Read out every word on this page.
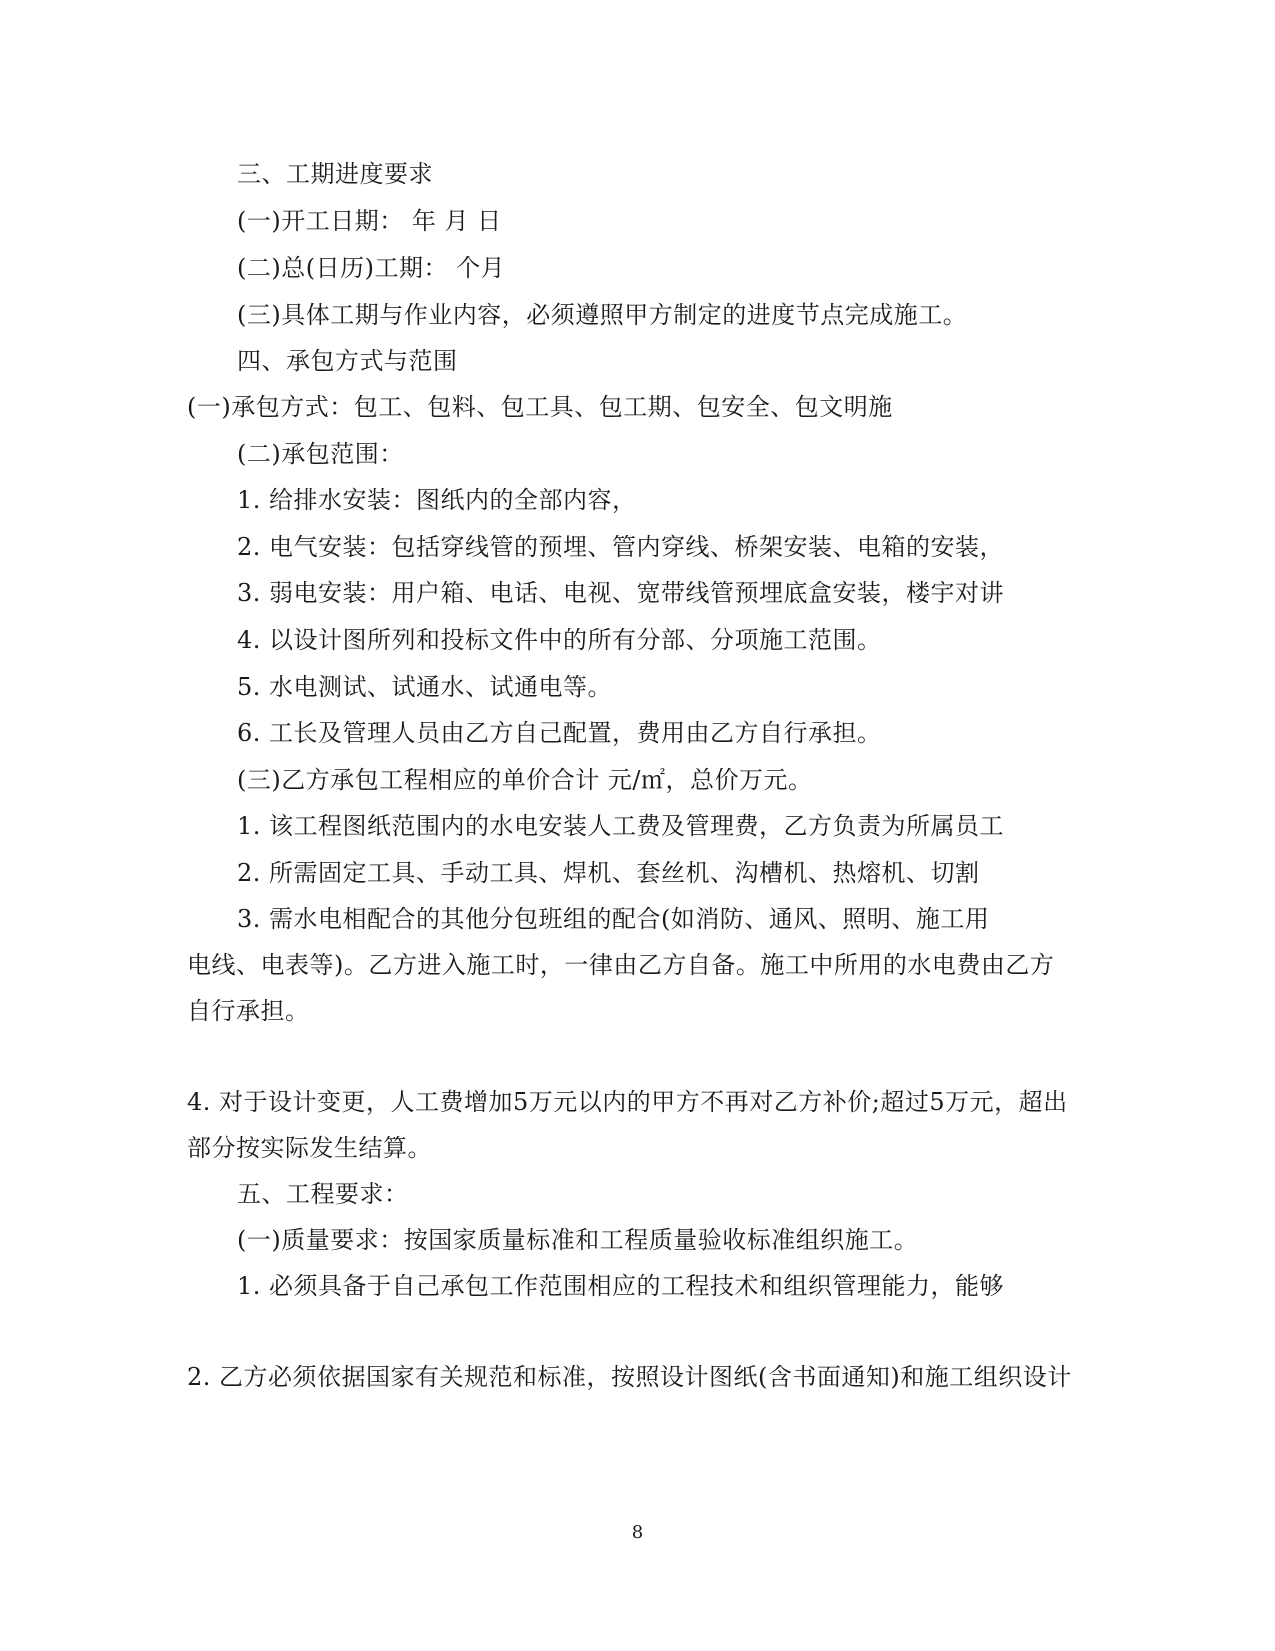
三、工期进度要求
(一)开工日期： 年 月 日
(二)总(日历)工期： 个月
(三)具体工期与作业内容，必须遵照甲方制定的进度节点完成施工。
四、承包方式与范围
(一)承包方式：包工、包料、包工具、包工期、包安全、包文明施
(二)承包范围：
1. 给排水安装：图纸内的全部内容，
2. 电气安装：包括穿线管的预埋、管内穿线、桥架安装、电箱的安装，
3. 弱电安装：用户箱、电话、电视、宽带线管预埋底盒安装，楼宇对讲
4. 以设计图所列和投标文件中的所有分部、分项施工范围。
5. 水电测试、试通水、试通电等。
6. 工长及管理人员由乙方自己配置，费用由乙方自行承担。
(三)乙方承包工程相应的单价合计 元/㎡，总价万元。
1. 该工程图纸范围内的水电安装人工费及管理费，乙方负责为所属员工
2. 所需固定工具、手动工具、焊机、套丝机、沟槽机、热熔机、切割
3. 需水电相配合的其他分包班组的配合(如消防、通风、照明、施工用
电线、电表等)。乙方进入施工时，一律由乙方自备。施工中所用的水电费由乙方
自行承担。
4. 对于设计变更，人工费增加5万元以内的甲方不再对乙方补价;超过5万元，超出
部分按实际发生结算。
五、工程要求：
(一)质量要求：按国家质量标准和工程质量验收标准组织施工。
1. 必须具备于自己承包工作范围相应的工程技术和组织管理能力，能够
2. 乙方必须依据国家有关规范和标准，按照设计图纸(含书面通知)和施工组织设计
8
